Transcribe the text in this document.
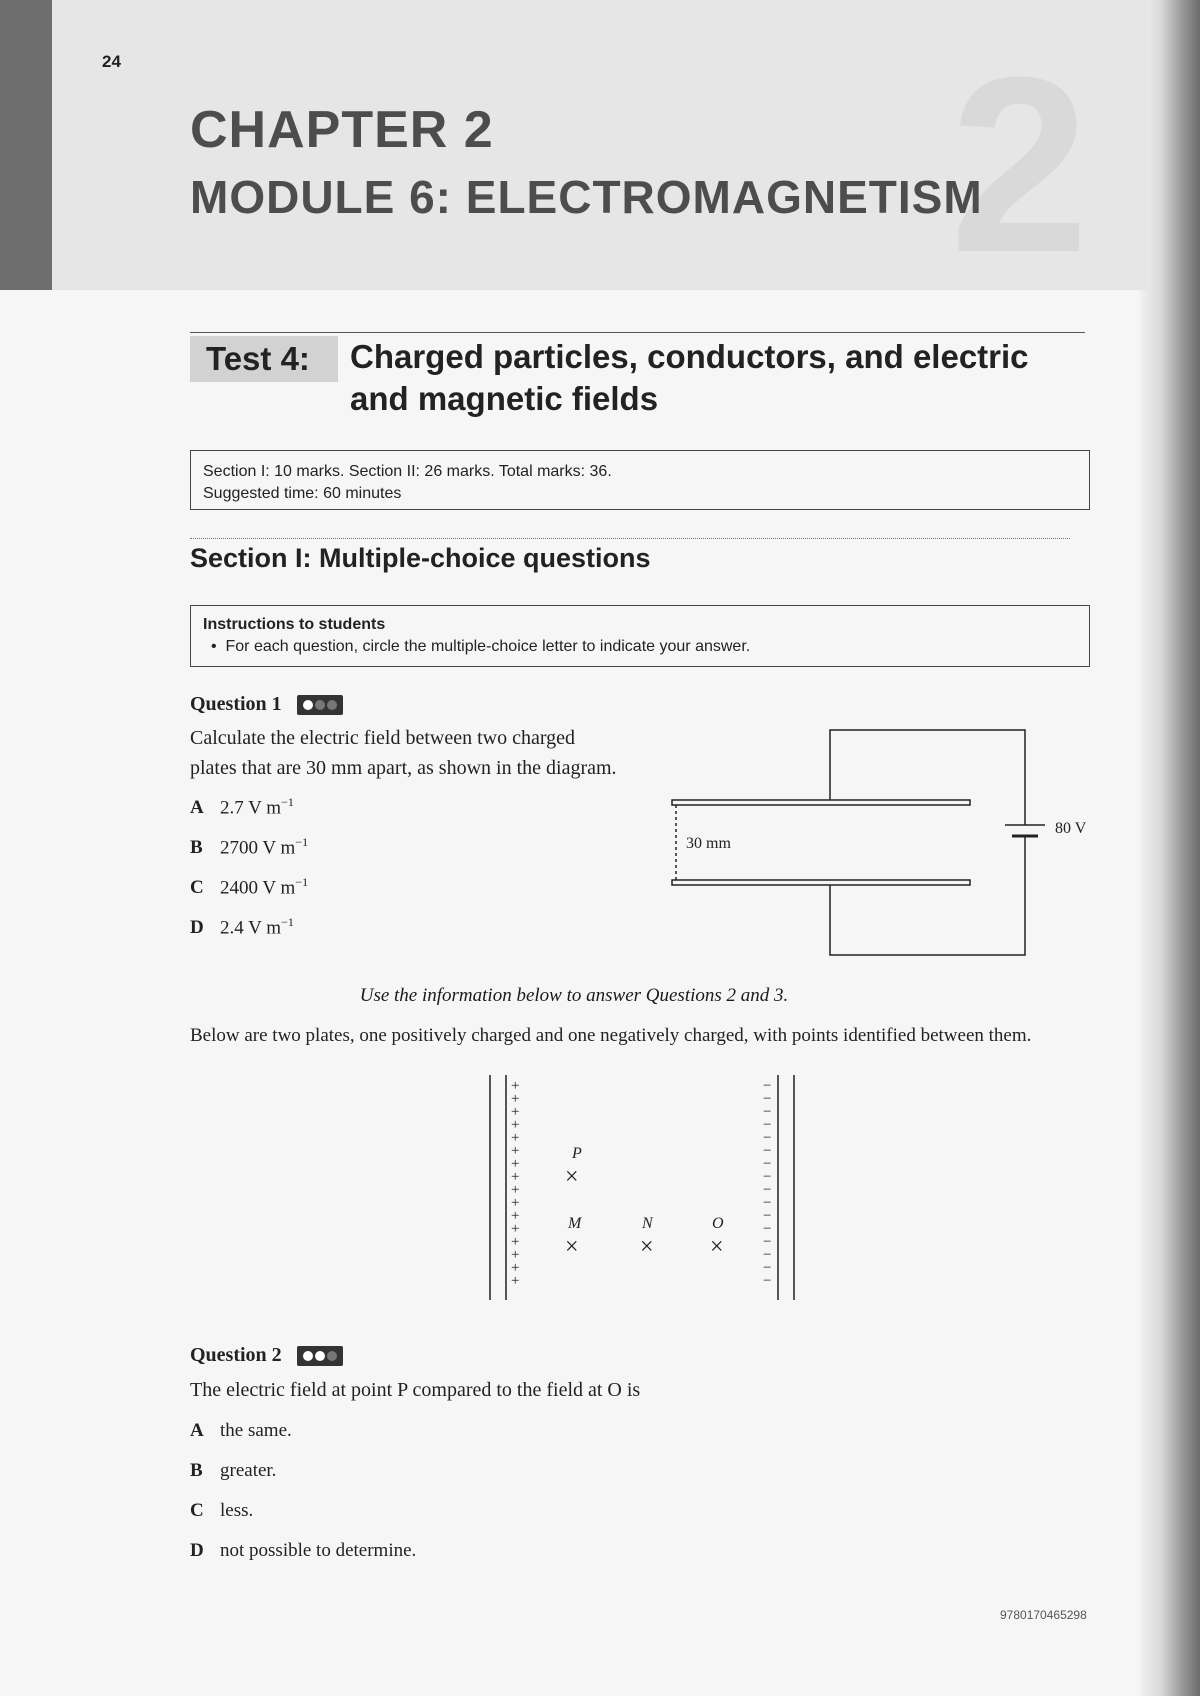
2
24
CHAPTER 2
MODULE 6: ELECTROMAGNETISM
Test 4:	Charged particles, conductors, and electric and magnetic fields
Section I: 10 marks. Section II: 26 marks. Total marks: 36.
Suggested time: 60 minutes
Section I: Multiple-choice questions
Instructions to students
•  For each question, circle the multiple-choice letter to indicate your answer.
Question 1
Calculate the electric field between two charged
plates that are 30 mm apart, as shown in the diagram.
A 2.7 V $m^{-1}$
B 2700 V $m^{-1}$
C 2400 V $m^{-1}$
D 2.4 V $m^{-1}$
30 mm
80 V
Use the information below to answer Questions 2 and 3.
Below are two plates, one positively charged and one negatively charged, with points identified between them.
+	−
+	−
+	−
+	−
+	−
+	−
+	−
+	−
+	−
+	−
+	−
+	−
+	−
+	−
+	−
+	−
P
×
M
×
N
×
O
×
Question 2
The electric field at point P compared to the field at O is
A the same.
B greater.
C less.
D not possible to determine.
9780170465298
